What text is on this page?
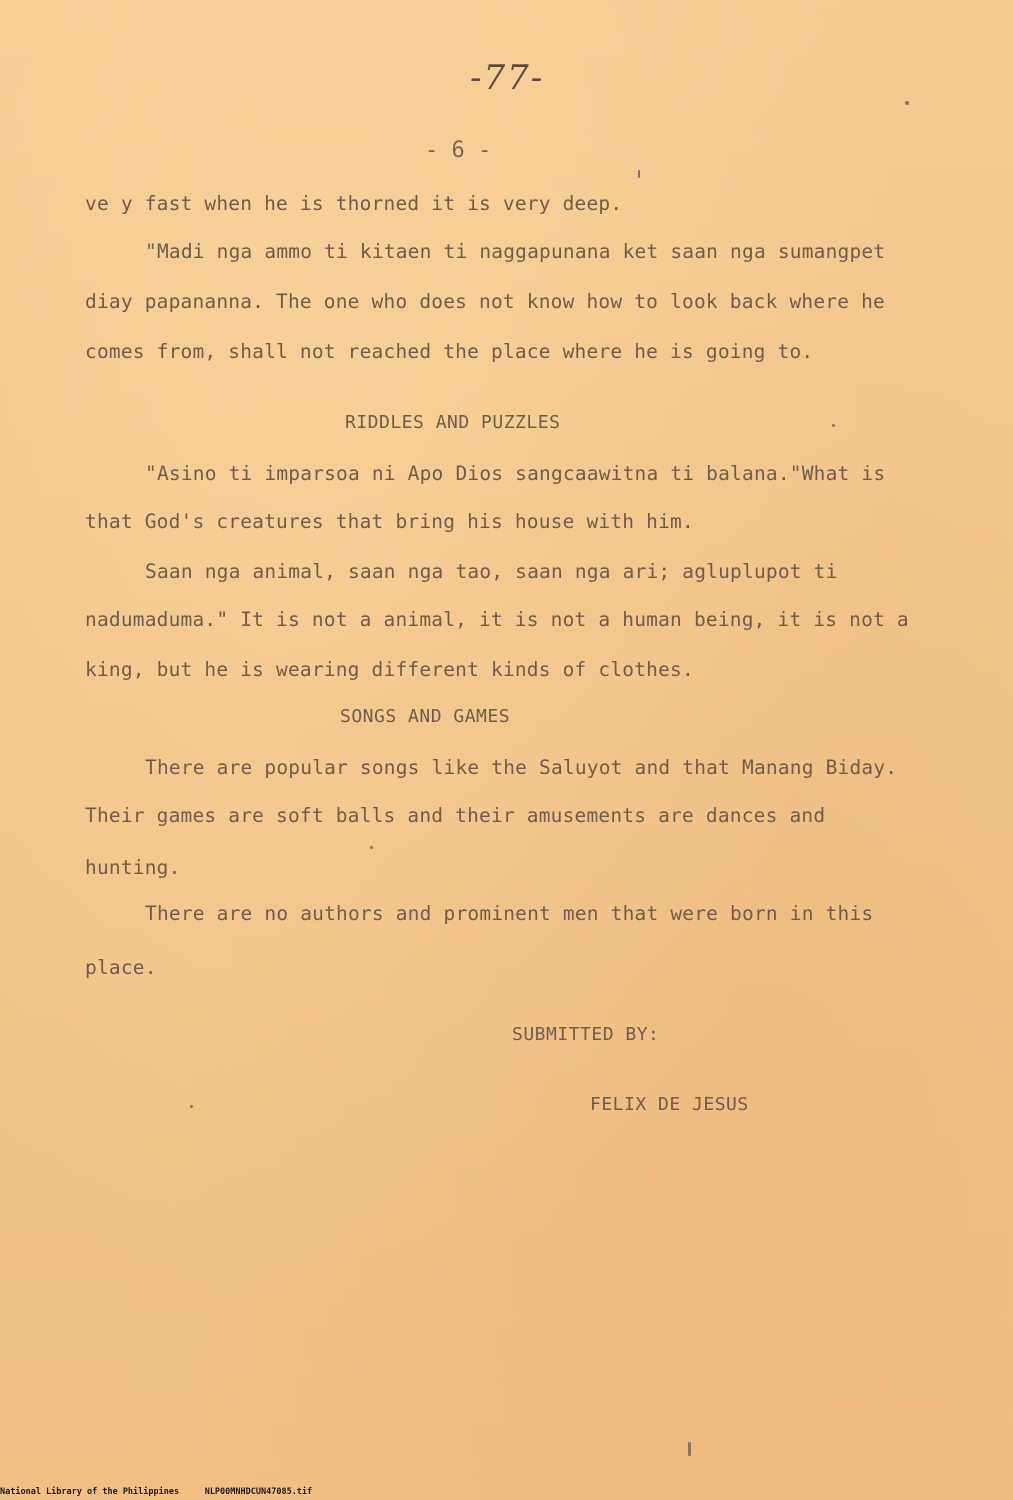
-77-
- 6 -
ve y fast when he is thorned it is very deep.
"Madi nga ammo ti kitaen ti naggapunana ket saan nga sumangpet
diay papananna. The one who does not know how to look back where he
comes from, shall not reached the place where he is going to.
RIDDLES AND PUZZLES
"Asino ti imparsoa ni Apo Dios sangcaawitna ti balana."What is
that God's creatures that bring his house with him.
Saan nga animal, saan nga tao, saan nga ari; agluplupot ti
nadumaduma." It is not a animal, it is not a human being, it is not a
king, but he is wearing different kinds of clothes.
SONGS AND GAMES
There are popular songs like the Saluyot and that Manang Biday.
Their games are soft balls and their amusements are dances and
hunting.
There are no authors and prominent men that were born in this
place.
SUBMITTED BY:
FELIX DE JESUS
National Library of the Philippines     NLP00MNHDCUN47085.tif
